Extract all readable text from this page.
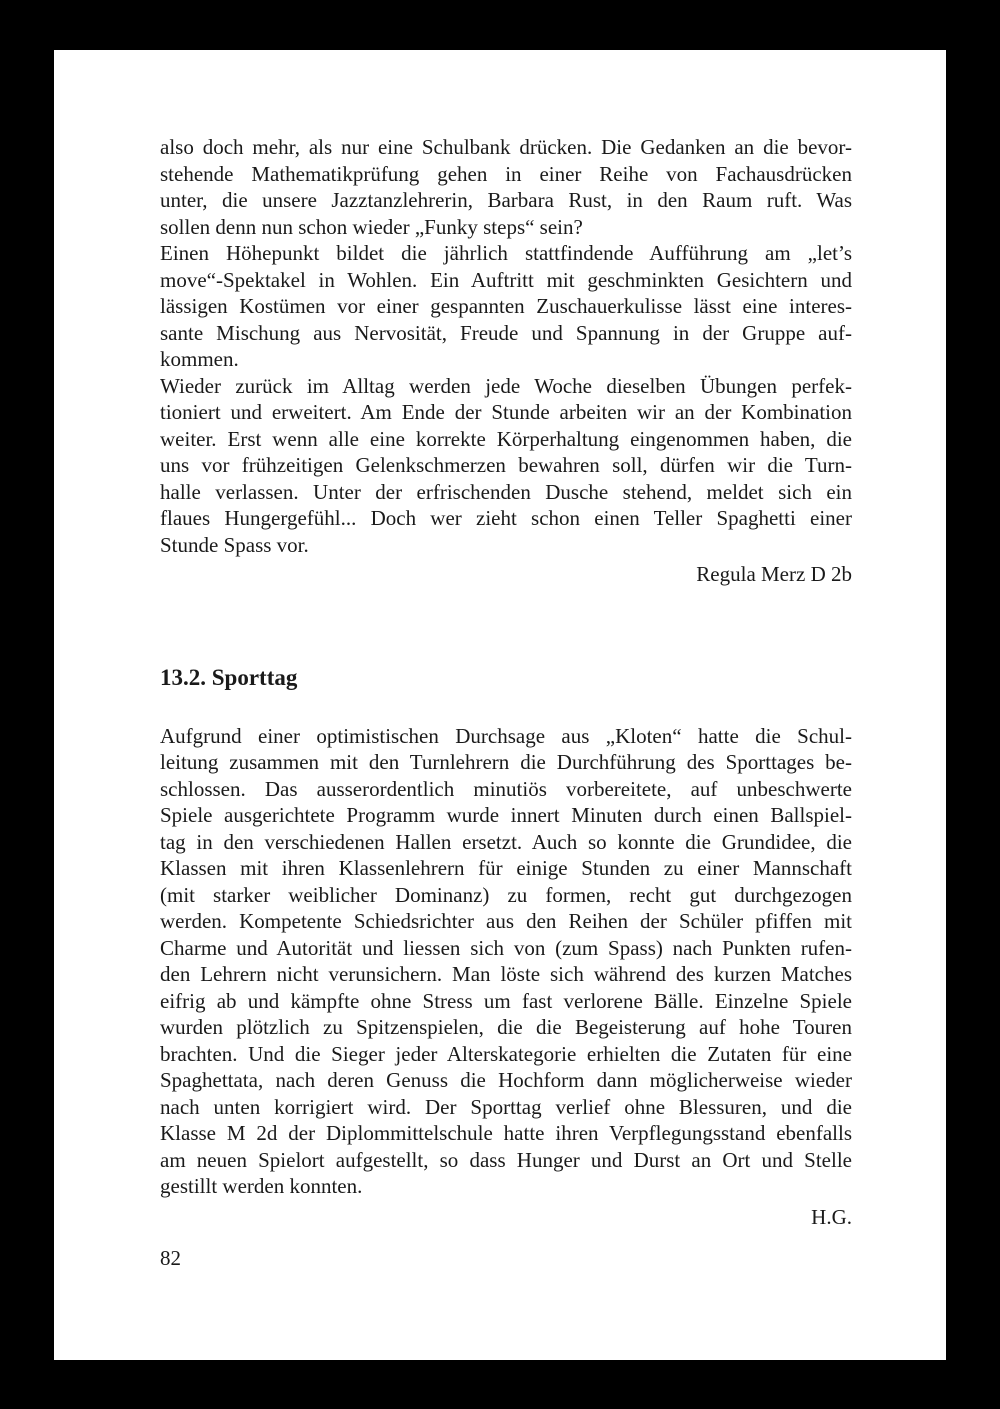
also doch mehr, als nur eine Schulbank drücken. Die Gedanken an die bevor-
stehende Mathematikprüfung gehen in einer Reihe von Fachausdrücken
unter, die unsere Jazztanzlehrerin, Barbara Rust, in den Raum ruft. Was
sollen denn nun schon wieder „Funky steps“ sein?
Einen Höhepunkt bildet die jährlich stattfindende Aufführung am „let’s
move“-Spektakel in Wohlen. Ein Auftritt mit geschminkten Gesichtern und
lässigen Kostümen vor einer gespannten Zuschauerkulisse lässt eine interes-
sante Mischung aus Nervosität, Freude und Spannung in der Gruppe auf-
kommen.
Wieder zurück im Alltag werden jede Woche dieselben Übungen perfek-
tioniert und erweitert. Am Ende der Stunde arbeiten wir an der Kombination
weiter. Erst wenn alle eine korrekte Körperhaltung eingenommen haben, die
uns vor frühzeitigen Gelenkschmerzen bewahren soll, dürfen wir die Turn-
halle verlassen. Unter der erfrischenden Dusche stehend, meldet sich ein
flaues Hungergefühl... Doch wer zieht schon einen Teller Spaghetti einer
Stunde Spass vor.
Regula Merz D 2b
13.2. Sporttag
Aufgrund einer optimistischen Durchsage aus „Kloten“ hatte die Schul-
leitung zusammen mit den Turnlehrern die Durchführung des Sporttages be-
schlossen. Das ausserordentlich minutiös vorbereitete, auf unbeschwerte
Spiele ausgerichtete Programm wurde innert Minuten durch einen Ballspiel-
tag in den verschiedenen Hallen ersetzt. Auch so konnte die Grundidee, die
Klassen mit ihren Klassenlehrern für einige Stunden zu einer Mannschaft
(mit starker weiblicher Dominanz) zu formen, recht gut durchgezogen
werden. Kompetente Schiedsrichter aus den Reihen der Schüler pfiffen mit
Charme und Autorität und liessen sich von (zum Spass) nach Punkten rufen-
den Lehrern nicht verunsichern. Man löste sich während des kurzen Matches
eifrig ab und kämpfte ohne Stress um fast verlorene Bälle. Einzelne Spiele
wurden plötzlich zu Spitzenspielen, die die Begeisterung auf hohe Touren
brachten. Und die Sieger jeder Alterskategorie erhielten die Zutaten für eine
Spaghettata, nach deren Genuss die Hochform dann möglicherweise wieder
nach unten korrigiert wird. Der Sporttag verlief ohne Blessuren, und die
Klasse M 2d der Diplommittelschule hatte ihren Verpflegungsstand ebenfalls
am neuen Spielort aufgestellt, so dass Hunger und Durst an Ort und Stelle
gestillt werden konnten.
H.G.
82
